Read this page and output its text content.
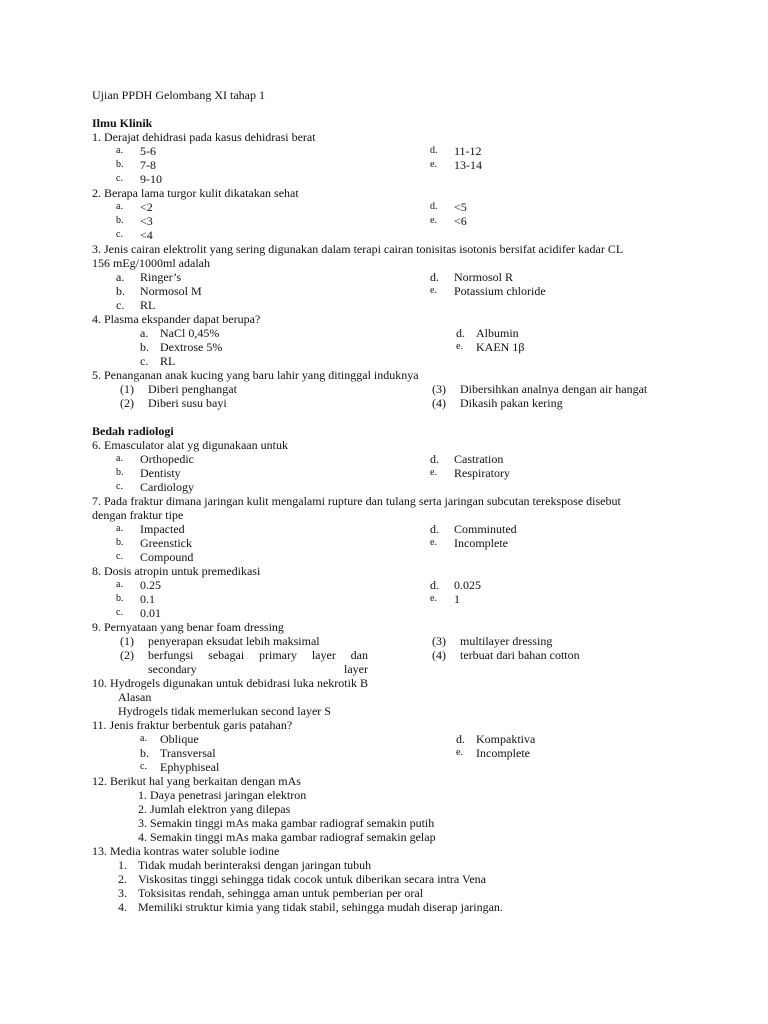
Ujian PPDH Gelombang XI tahap 1
Ilmu Klinik
1. Derajat dehidrasi pada kasus dehidrasi berat
a. 5-6	d. 11-12
b. 7-8	e. 13-14
c. 9-10
2. Berapa lama turgor kulit dikatakan sehat
a. <2	d. <5
b. <3	e. <6
c. <4
3. Jenis cairan elektrolit yang sering digunakan dalam terapi cairan tonisitas isotonis bersifat acidifer kadar CL
156 mEg/1000ml adalah
a. Ringer’s	d. Normosol R
b. Normosol M	e. Potassium chloride
c. RL
4. Plasma ekspander dapat berupa?
a. NaCl 0,45%	d. Albumin
b. Dextrose 5%	e. KAEN 1β
c. RL
5. Penanganan anak kucing yang baru lahir yang ditinggal induknya
(1) Diberi penghangat	(3) Dibersihkan analnya dengan air hangat
(2) Diberi susu bayi	(4) Dikasih pakan kering
Bedah radiologi
6. Emasculator alat yg digunakaan untuk
a. Orthopedic	d. Castration
b. Dentisty	e. Respiratory
c. Cardiology
7. Pada fraktur dimana jaringan kulit mengalami rupture dan tulang serta jaringan subcutan terekspose disebut
dengan fraktur tipe
a. Impacted	d. Comminuted
b. Greenstick	e. Incomplete
c. Compound
8. Dosis atropin untuk premedikasi
a. 0.25	d. 0.025
b. 0.1	e. 1
c. 0.01
9. Pernyataan yang benar foam dressing
(1) penyerapan eksudat lebih maksimal	(3) multilayer dressing
(2) berfungsi sebagai primary layer dan secondary layer
(4) terbuat dari bahan cotton
10. Hydrogels digunakan untuk debidrasi luka nekrotik B
Alasan
Hydrogels tidak memerlukan second layer S
11. Jenis fraktur berbentuk garis patahan?
a. Oblique	d. Kompaktiva
b. Transversal	e. Incomplete
c. Ephyphiseal
12. Berikut hal yang berkaitan dengan mAs
1. Daya penetrasi jaringan elektron
2. Jumlah elektron yang dilepas
3. Semakin tinggi mAs maka gambar radiograf semakin putih
4. Semakin tinggi mAs maka gambar radiograf semakin gelap
13. Media kontras water soluble iodine
1. Tidak mudah berinteraksi dengan jaringan tubuh
2. Viskositas tinggi sehingga tidak cocok untuk diberikan secara intra Vena
3. Toksisitas rendah, sehingga aman untuk pemberian per oral
4. Memiliki struktur kimia yang tidak stabil, sehingga mudah diserap jaringan.
